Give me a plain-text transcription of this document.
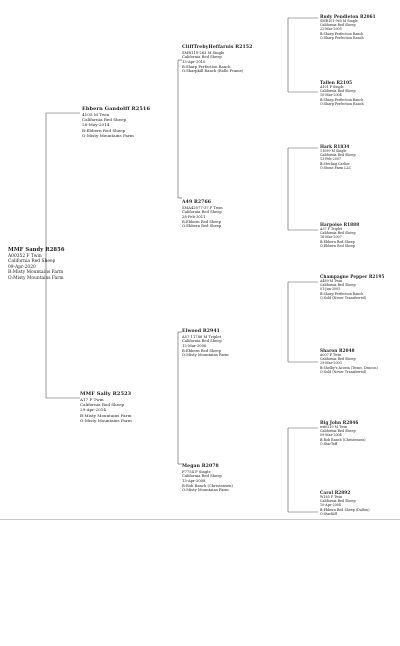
MMF Sandy R2856
A00352 F Twin
California Red Sheep
09-Apr-2020
B:Misty Mountains Farm
O:Misty Mountains Farm
Ebbern Gandolff R2516
4105 M Twin
California Red Sheep
28-May-2014
B:Ebbern Red Sheep
O:Misty Mountains Farm
MMF Sally R2523
A17 F Twin
California Red Sheep
29-Apr-2014
B:Misty Mountains Farm
O:Misty Mountains Farm
CliffTrebyHeffaruis R2152
SMR119-263 M Single
California Red Sheep
13-Apr-2010
B:Sharp Perfection Ranch
O:Sharpkill Ranch (Rollo Frame)
A49 R2766
SMA42077-37 F Twin
California Red Sheep
28-Feb-2011
B:Ebbern Red Sheep
O:Ebbern Red Sheep
Elwood R2941
A57-11786 M Triplet
California Red Sheep
12-Mar-2006
B:Ebbern Red Sheep
O:Misty Mountains Farm
Megan R2078
F7754 F Single
California Red Sheep
13-Apr-2008
B:Rob Ranch (Christensen)
O:Misty Mountains Farm
Rudy Pendleton R2061
SMR101-965 M Single
California Red Sheep
22-Mar-2005
B:Sharp Perfection Ranch
O:Sharp Perfection Ranch
Tallen R2105
A101 F Single
California Red Sheep
10-Mar-2004
B:Sharp Perfection Ranch
O:Sharp Perfection Ranch
Hark R1834
11099 M Single
California Red Sheep
13-Feb-2007
B:Sterling Carlier
O:Stone Farm LLC
Harpoise R1888
A37 F Triplet
California Red Sheep
16-Mar-2007
B:Ebbern Red Sheep
O:Ebbern Red Sheep
Champagne Pepper R2195
A489 M Twin
California Red Sheep
01-Jun-2005
B:Sharp Perfection Ranch
O:Sold (Never Transferred)
Sharon R2048
A007 F Twin
California Red Sheep
29-Mar-2003
B:Shelby's Acosta (Twins, Deacon)
O:Sold (Never Transferred)
Big John R2846
wit0219 M Twin
California Red Sheep
09-Mar-2004
B:Rob Ranch (Christensen)
O:StarTeff
Carol R2892
W185 F Twin
California Red Sheep
10-Apr-2004
B:Ebbern Red Sheep (Dalton)
O:StarKiff
